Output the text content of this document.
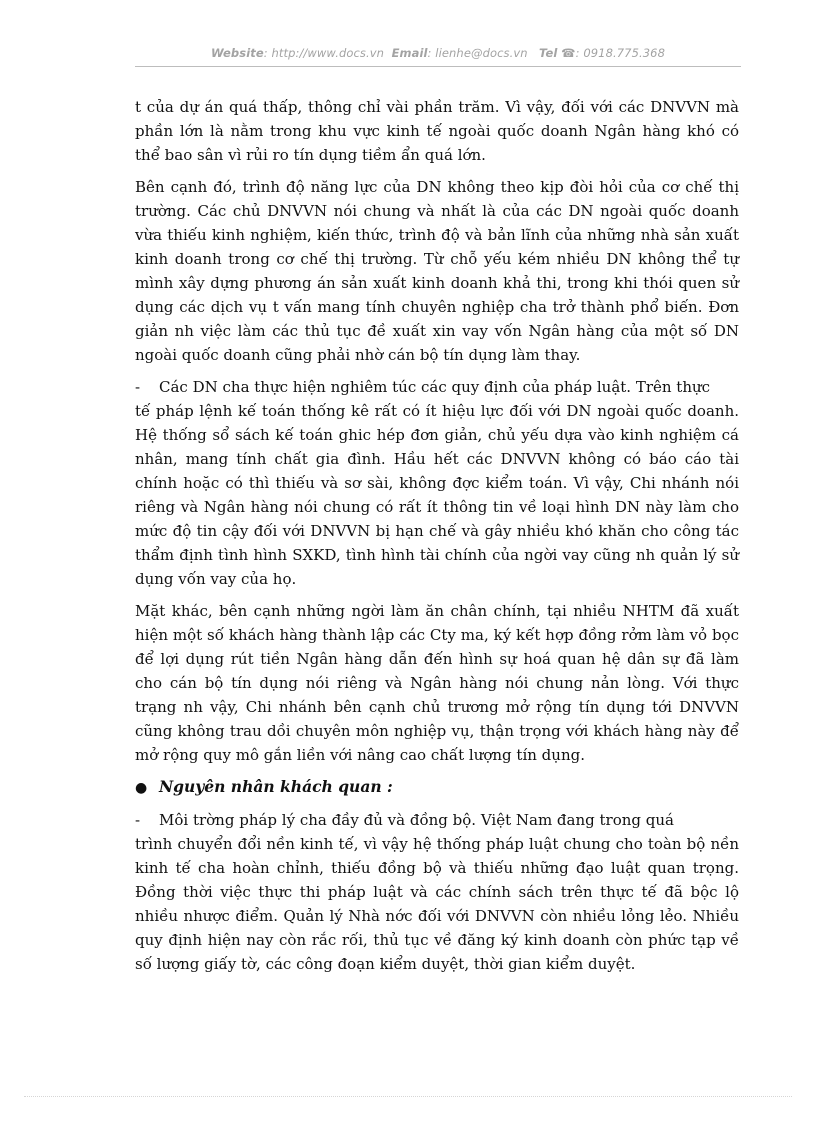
Website: http://www.docs.vn Email: lienhe@docs.vn Tel ☎: 0918.775.368

t của dự án quá thấp, thông chỉ vài phần trăm. Vì vậy, đối với các DNVVN mà phần lớn là nằm trong khu vực kinh tế ngoài quốc doanh Ngân hàng khó có thể bao sân vì rủi ro tín dụng tiềm ẩn quá lớn.

Bên cạnh đó, trình độ năng lực của DN không theo kịp đòi hỏi của cơ chế thị trường. Các chủ DNVVN nói chung và nhất là của các DN ngoài quốc doanh vừa thiếu kinh nghiệm, kiến thức, trình độ và bản lĩnh của những nhà sản xuất kinh doanh trong cơ chế thị trường. Từ chỗ yếu kém nhiều DN không thể tự mình xây dựng phương án sản xuất kinh doanh khả thi, trong khi thói quen sử dụng các dịch vụ t vấn mang tính chuyên nghiệp cha trở thành phổ biến. Đơn giản nh việc làm các thủ tục đề xuất xin vay vốn Ngân hàng của một số DN ngoài quốc doanh cũng phải nhờ cán bộ tín dụng làm thay.

- Các DN cha thực hiện nghiêm túc các quy định của pháp luật. Trên thực
tế pháp lệnh kế toán thống kê rất có ít hiệu lực đối với DN ngoài quốc doanh. Hệ thống sổ sách kế toán ghic hép đơn giản, chủ yếu dựa vào kinh nghiệm cá nhân, mang tính chất gia đình. Hầu hết các DNVVN không có báo cáo tài chính hoặc có thì thiếu và sơ sài, không đợc kiểm toán. Vì vậy, Chi nhánh nói riêng và Ngân hàng nói chung có rất ít thông tin về loại hình DN này làm cho mức độ tin cậy đối với DNVVN bị hạn chế và gây nhiều khó khăn cho công tác thẩm định tình hình SXKD, tình hình tài chính của ngời vay cũng nh quản lý sử dụng vốn vay của họ.

Mặt khác, bên cạnh những ngời làm ăn chân chính, tại nhiều NHTM đã xuất hiện một số khách hàng thành lập các Cty ma, ký kết hợp đồng rởm làm vỏ bọc để lợi dụng rút tiền Ngân hàng dẫn đến hình sự hoá quan hệ dân sự đã làm cho cán bộ tín dụng nói riêng và Ngân hàng nói chung nản lòng. Với thực trạng nh vậy, Chi nhánh bên cạnh chủ trương mở rộng tín dụng tới DNVVN cũng không trau dồi chuyên môn nghiệp vụ, thận trọng với khách hàng này để mở rộng quy mô gắn liền với nâng cao chất lượng tín dụng.

● Nguyên nhân khách quan :

- Môi trờng pháp lý cha đầy đủ và đồng bộ. Việt Nam đang trong quá
trình chuyển đổi nền kinh tế, vì vậy hệ thống pháp luật chung cho toàn bộ nền kinh tế cha hoàn chỉnh, thiếu đồng bộ và thiếu những đạo luật quan trọng. Đồng thời việc thực thi pháp luật và các chính sách trên thực tế đã bộc lộ nhiều nhược điểm. Quản lý Nhà nớc đối với DNVVN còn nhiều lỏng lẻo. Nhiều quy định hiện nay còn rắc rối, thủ tục về đăng ký kinh doanh còn phức tạp về số lượng giấy tờ, các công đoạn kiểm duyệt, thời gian kiểm duyệt.
